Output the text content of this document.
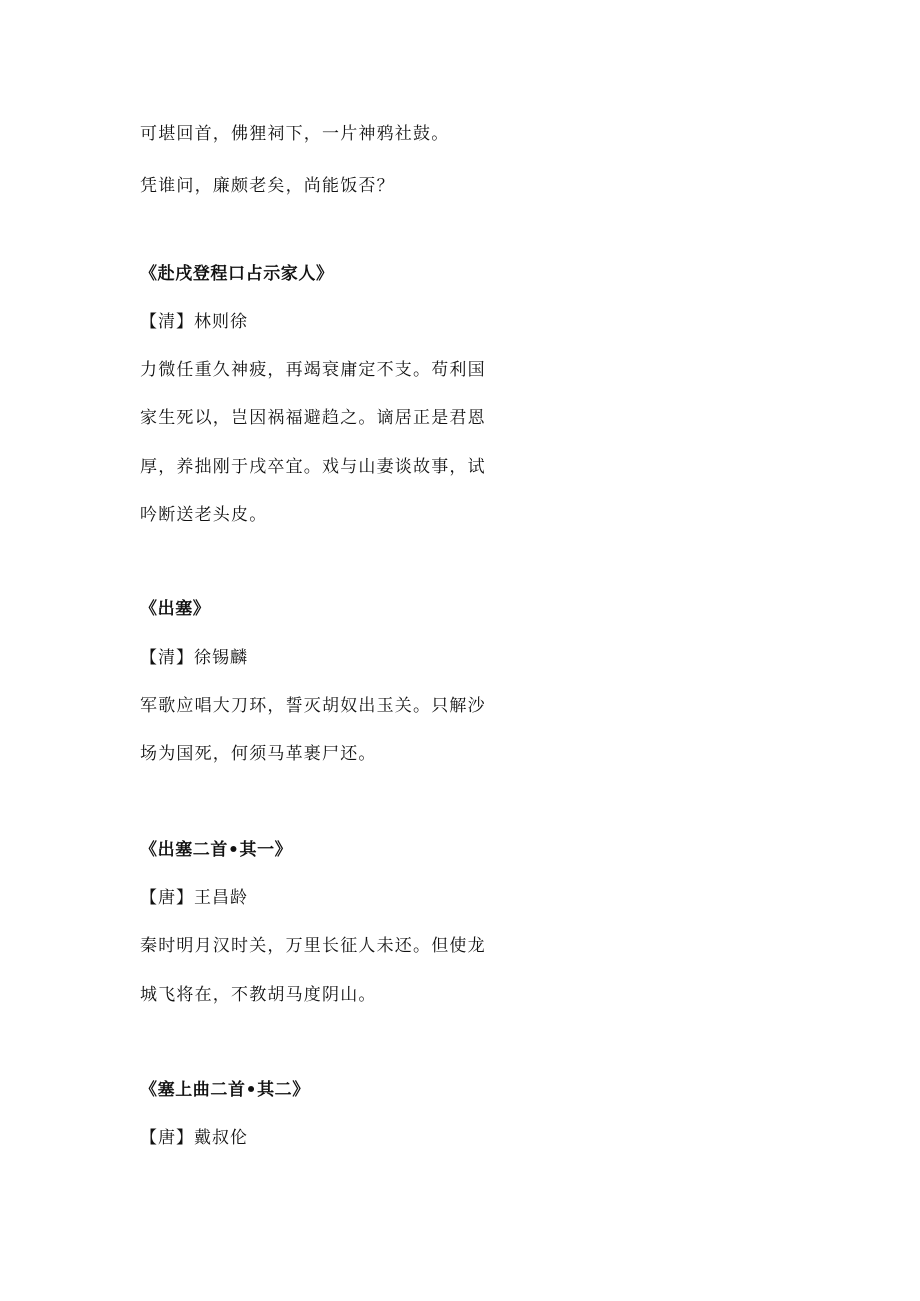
可堪回首，佛狸祠下，一片神鸦社鼓。
凭谁问，廉颇老矣，尚能饭否？
《赴戌登程口占示家人》
【清】林则徐
力微任重久神疲，再竭衰庸定不支。苟利国
家生死以，岂因祸福避趋之。谪居正是君恩
厚，养拙刚于戌卒宜。戏与山妻谈故事，试
吟断送老头皮。
《出塞》
【清】徐锡麟
军歌应唱大刀环，誓灭胡奴出玉关。只解沙
场为国死，何须马革裹尸还。
《出塞二首•其一》
【唐】王昌龄
秦时明月汉时关，万里长征人未还。但使龙
城飞将在，不教胡马度阴山。
《塞上曲二首•其二》
【唐】戴叔伦
